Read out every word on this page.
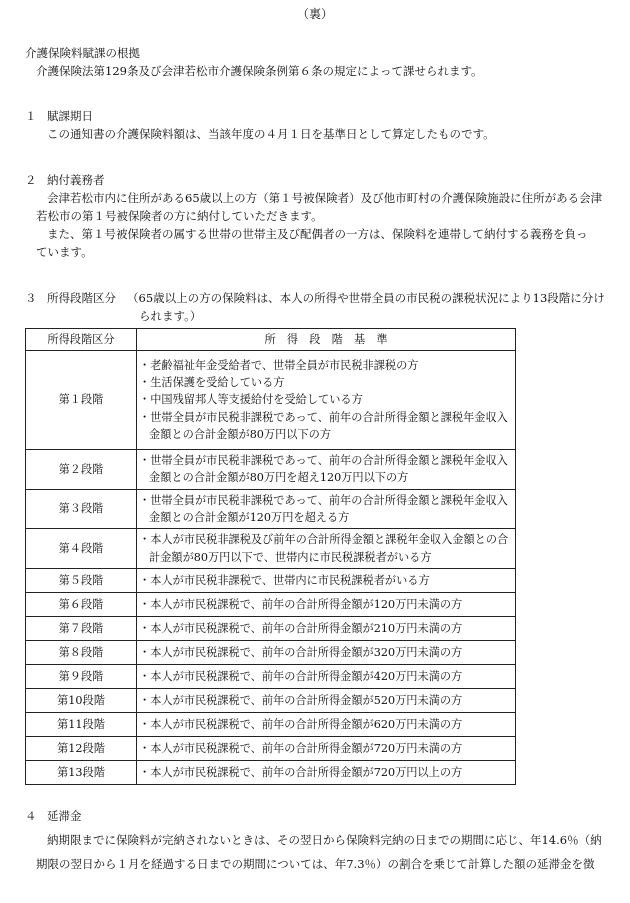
（裏）
介護保険料賦課の根拠
介護保険法第129条及び会津若松市介護保険条例第６条の規定によって課せられます。
１ 賦課期日
この通知書の介護保険料額は、当該年度の４月１日を基準日として算定したものです。
２ 納付義務者
会津若松市内に住所がある65歳以上の方（第１号被保険者）及び他市町村の介護保険施設に住所がある会津
若松市の第１号被保険者の方に納付していただきます。
また、第１号被保険者の属する世帯の世帯主及び配偶者の一方は、保険料を連帯して納付する義務を負っ
ています。
３ 所得段階区分 （65歳以上の方の保険料は、本人の所得や世帯全員の市民税の課税状況により13段階に分け
られます。）
所得段階区分	所　得　段　階　基　準
第１段階	・老齢福祉年金受給者で、世帯全員が市民税非課税の方
・生活保護を受給している方
・中国残留邦人等支援給付を受給している方
・世帯全員が市民税非課税であって、前年の合計所得金額と課税年金収入金額との合計金額が80万円以下の方

第２段階	・世帯全員が市民税非課税であって、前年の合計所得金額と課税年金収入金額との合計金額が80万円を超え120万円以下の方

第３段階	・世帯全員が市民税非課税であって、前年の合計所得金額と課税年金収入金額との合計金額が120万円を超える方

第４段階	・本人が市民税非課税及び前年の合計所得金額と課税年金収入金額との合計金額が80万円以下で、世帯内に市民税課税者がいる方

第５段階	・本人が市民税非課税で、世帯内に市民税課税者がいる方

第６段階	・本人が市民税課税で、前年の合計所得金額が120万円未満の方

第７段階	・本人が市民税課税で、前年の合計所得金額が210万円未満の方

第８段階	・本人が市民税課税で、前年の合計所得金額が320万円未満の方

第９段階	・本人が市民税課税で、前年の合計所得金額が420万円未満の方

第10段階	・本人が市民税課税で、前年の合計所得金額が520万円未満の方

第11段階	・本人が市民税課税で、前年の合計所得金額が620万円未満の方

第12段階	・本人が市民税課税で、前年の合計所得金額が720万円未満の方

第13段階	・本人が市民税課税で、前年の合計所得金額が720万円以上の方
４ 延滞金
納期限までに保険料が完納されないときは、その翌日から保険料完納の日までの期間に応じ、年14.6％（納
期限の翌日から１月を経過する日までの期間については、年7.3％）の割合を乗じて計算した額の延滞金を徴
